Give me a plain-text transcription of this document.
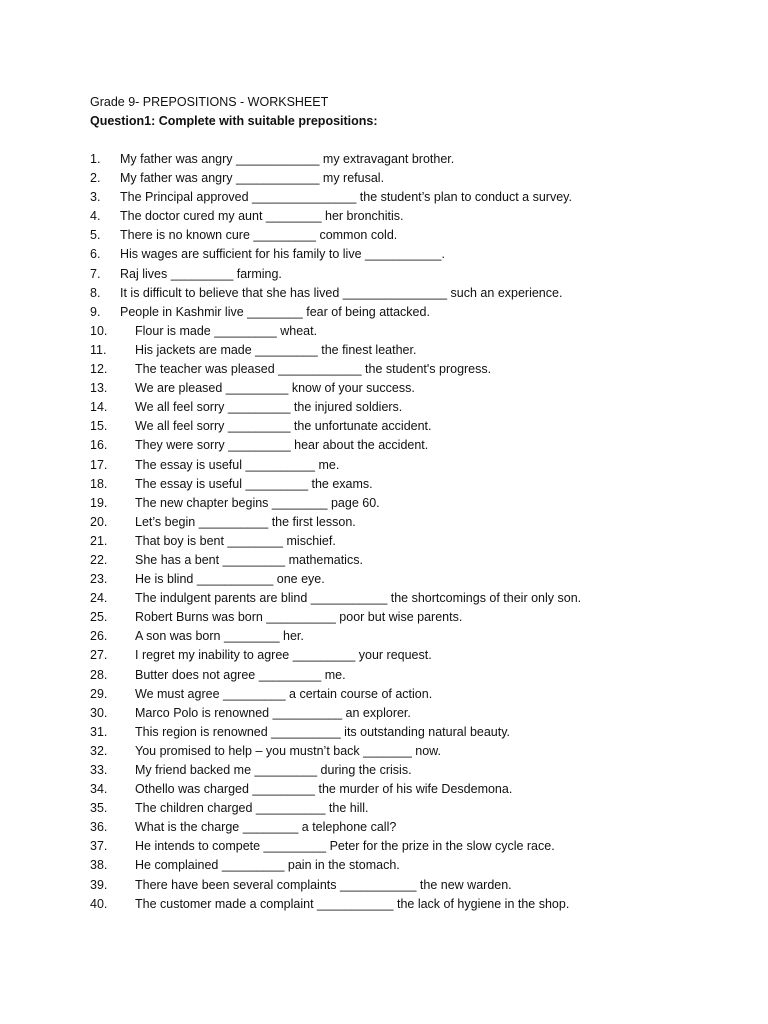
Grade 9- PREPOSITIONS - WORKSHEET

Question1: Complete with suitable prepositions:

1.	My father was angry ____________ my extravagant brother.
2.	My father was angry ____________ my refusal.
3.	The Principal approved _______________ the student’s plan to conduct a survey.
4.	The doctor cured my aunt ________ her bronchitis.
5.	There is no known cure _________ common cold.
6.	His wages are sufficient for his family to live ___________.
7.	Raj lives _________ farming.
8.	It is difficult to believe that she has lived _______________ such an experience.
9.	People in Kashmir live ________ fear of being attacked.
10.	Flour is made _________ wheat.
11.	His jackets are made _________ the finest leather.
12.	The teacher was pleased ____________ the student's progress.
13.	We are pleased _________ know of your success.
14.	We all feel sorry _________ the injured soldiers.
15.	We all feel sorry _________ the unfortunate accident.
16.	They were sorry _________ hear about the accident.
17.	The essay is useful __________ me.
18.	The essay is useful _________ the exams.
19.	The new chapter begins ________ page 60.
20.	Let’s begin __________ the first lesson.
21.	That boy is bent ________ mischief.
22.	She has a bent _________ mathematics.
23.	He is blind ___________ one eye.
24.	The indulgent parents are blind ___________ the shortcomings of their only son.
25.	Robert Burns was born __________ poor but wise parents.
26.	A son was born ________ her.
27.	I regret my inability to agree _________ your request.
28.	Butter does not agree _________ me.
29.	We must agree _________ a certain course of action.
30.	Marco Polo is renowned __________ an explorer.
31.	This region is renowned __________ its outstanding natural beauty.
32.	You promised to help – you mustn’t back _______ now.
33.	My friend backed me _________ during the crisis.
34.	Othello was charged _________ the murder of his wife Desdemona.
35.	The children charged __________ the hill.
36.	What is the charge ________ a telephone call?
37.	He intends to compete _________ Peter for the prize in the slow cycle race.
38.	He complained _________ pain in the stomach.
39.	There have been several complaints ___________ the new warden.
40.	The customer made a complaint ___________ the lack of hygiene in the shop.
